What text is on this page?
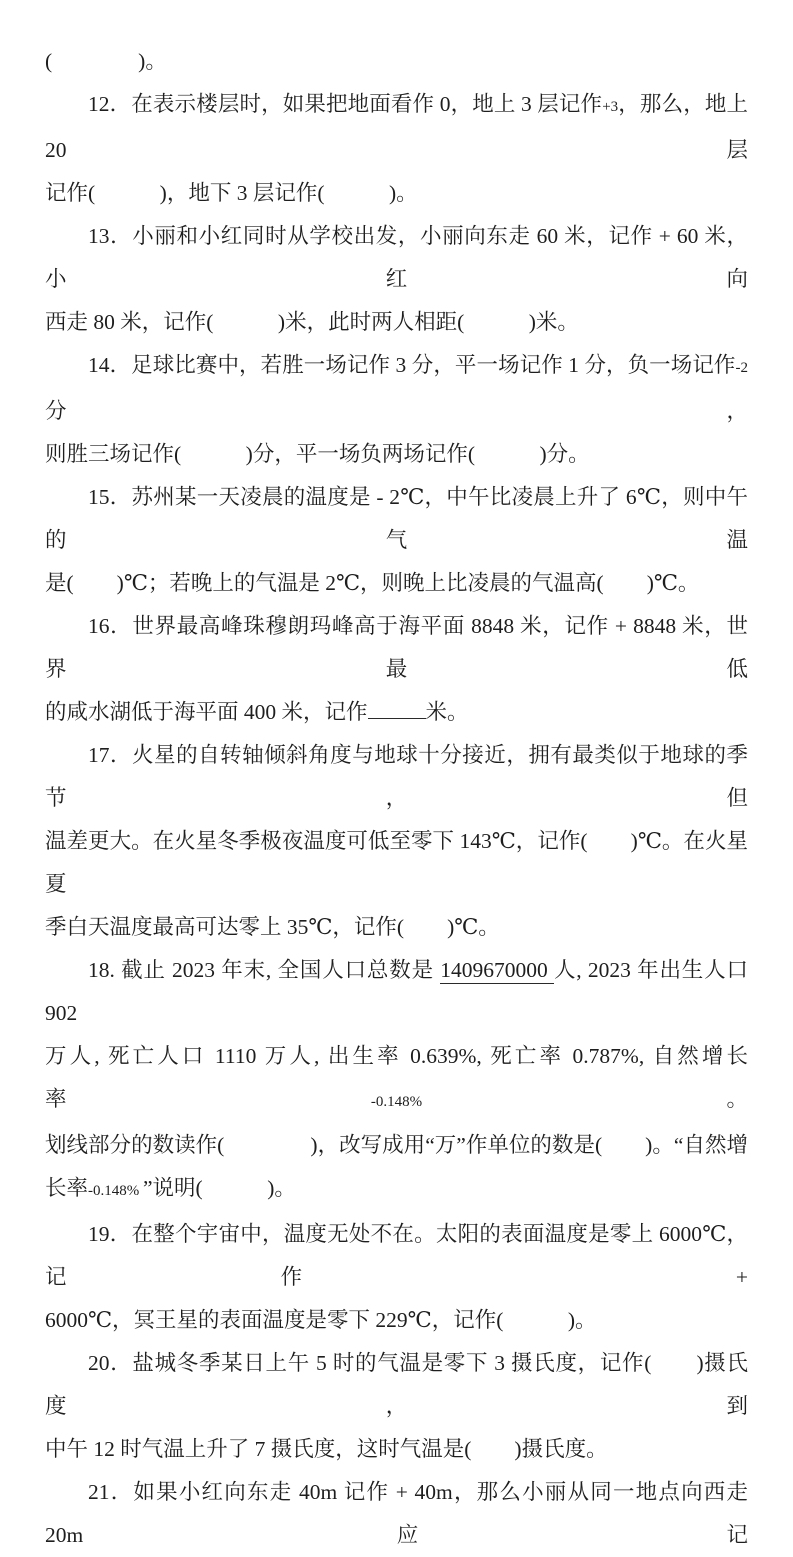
(　　　　)。
12．在表示楼层时，如果把地面看作 0，地上 3 层记作+3，那么，地上 20 层
记作(　　　)，地下 3 层记作(　　　)。
13．小丽和小红同时从学校出发，小丽向东走 60 米，记作 + 60 米，小红向
西走 80 米，记作(　　　)米，此时两人相距(　　　)米。
14．足球比赛中，若胜一场记作 3 分，平一场记作 1 分，负一场记作-2 分，
则胜三场记作(　　　)分，平一场负两场记作(　　　)分。
15．苏州某一天凌晨的温度是 - 2℃，中午比凌晨上升了 6℃，则中午的气温
是(　　)℃；若晚上的气温是 2℃，则晚上比凌晨的气温高(　　)℃。
16．世界最高峰珠穆朗玛峰高于海平面 8848 米，记作 + 8848 米，世界最低
的咸水湖低于海平面 400 米，记作	米。
17．火星的自转轴倾斜角度与地球十分接近，拥有最类似于地球的季节，但
温差更大。在火星冬季极夜温度可低至零下 143℃，记作(　　)℃。在火星夏
季白天温度最高可达零上 35℃，记作(　　)℃。
18. 截止 2023 年末, 全国人口总数是 1409670000 人, 2023 年出生人口 902
万人, 死亡人口 1110 万人, 出生率 0.639%, 死亡率 0.787%, 自然增长率-0.148%。
划线部分的数读作(　　　　)，改写成用“万”作单位的数是(　　)。“自然增
长率-0.148% ”说明(　　　)。
19．在整个宇宙中，温度无处不在。太阳的表面温度是零上 6000℃，记作 +
6000℃，冥王星的表面温度是零下 229℃，记作(　　　)。
20．盐城冬季某日上午 5 时的气温是零下 3 摄氏度，记作(　　)摄氏度，到
中午 12 时气温上升了 7 摄氏度，这时气温是(　　)摄氏度。
21．如果小红向东走 40m 记作 + 40m，那么小丽从同一地点向西走 20m 应记
